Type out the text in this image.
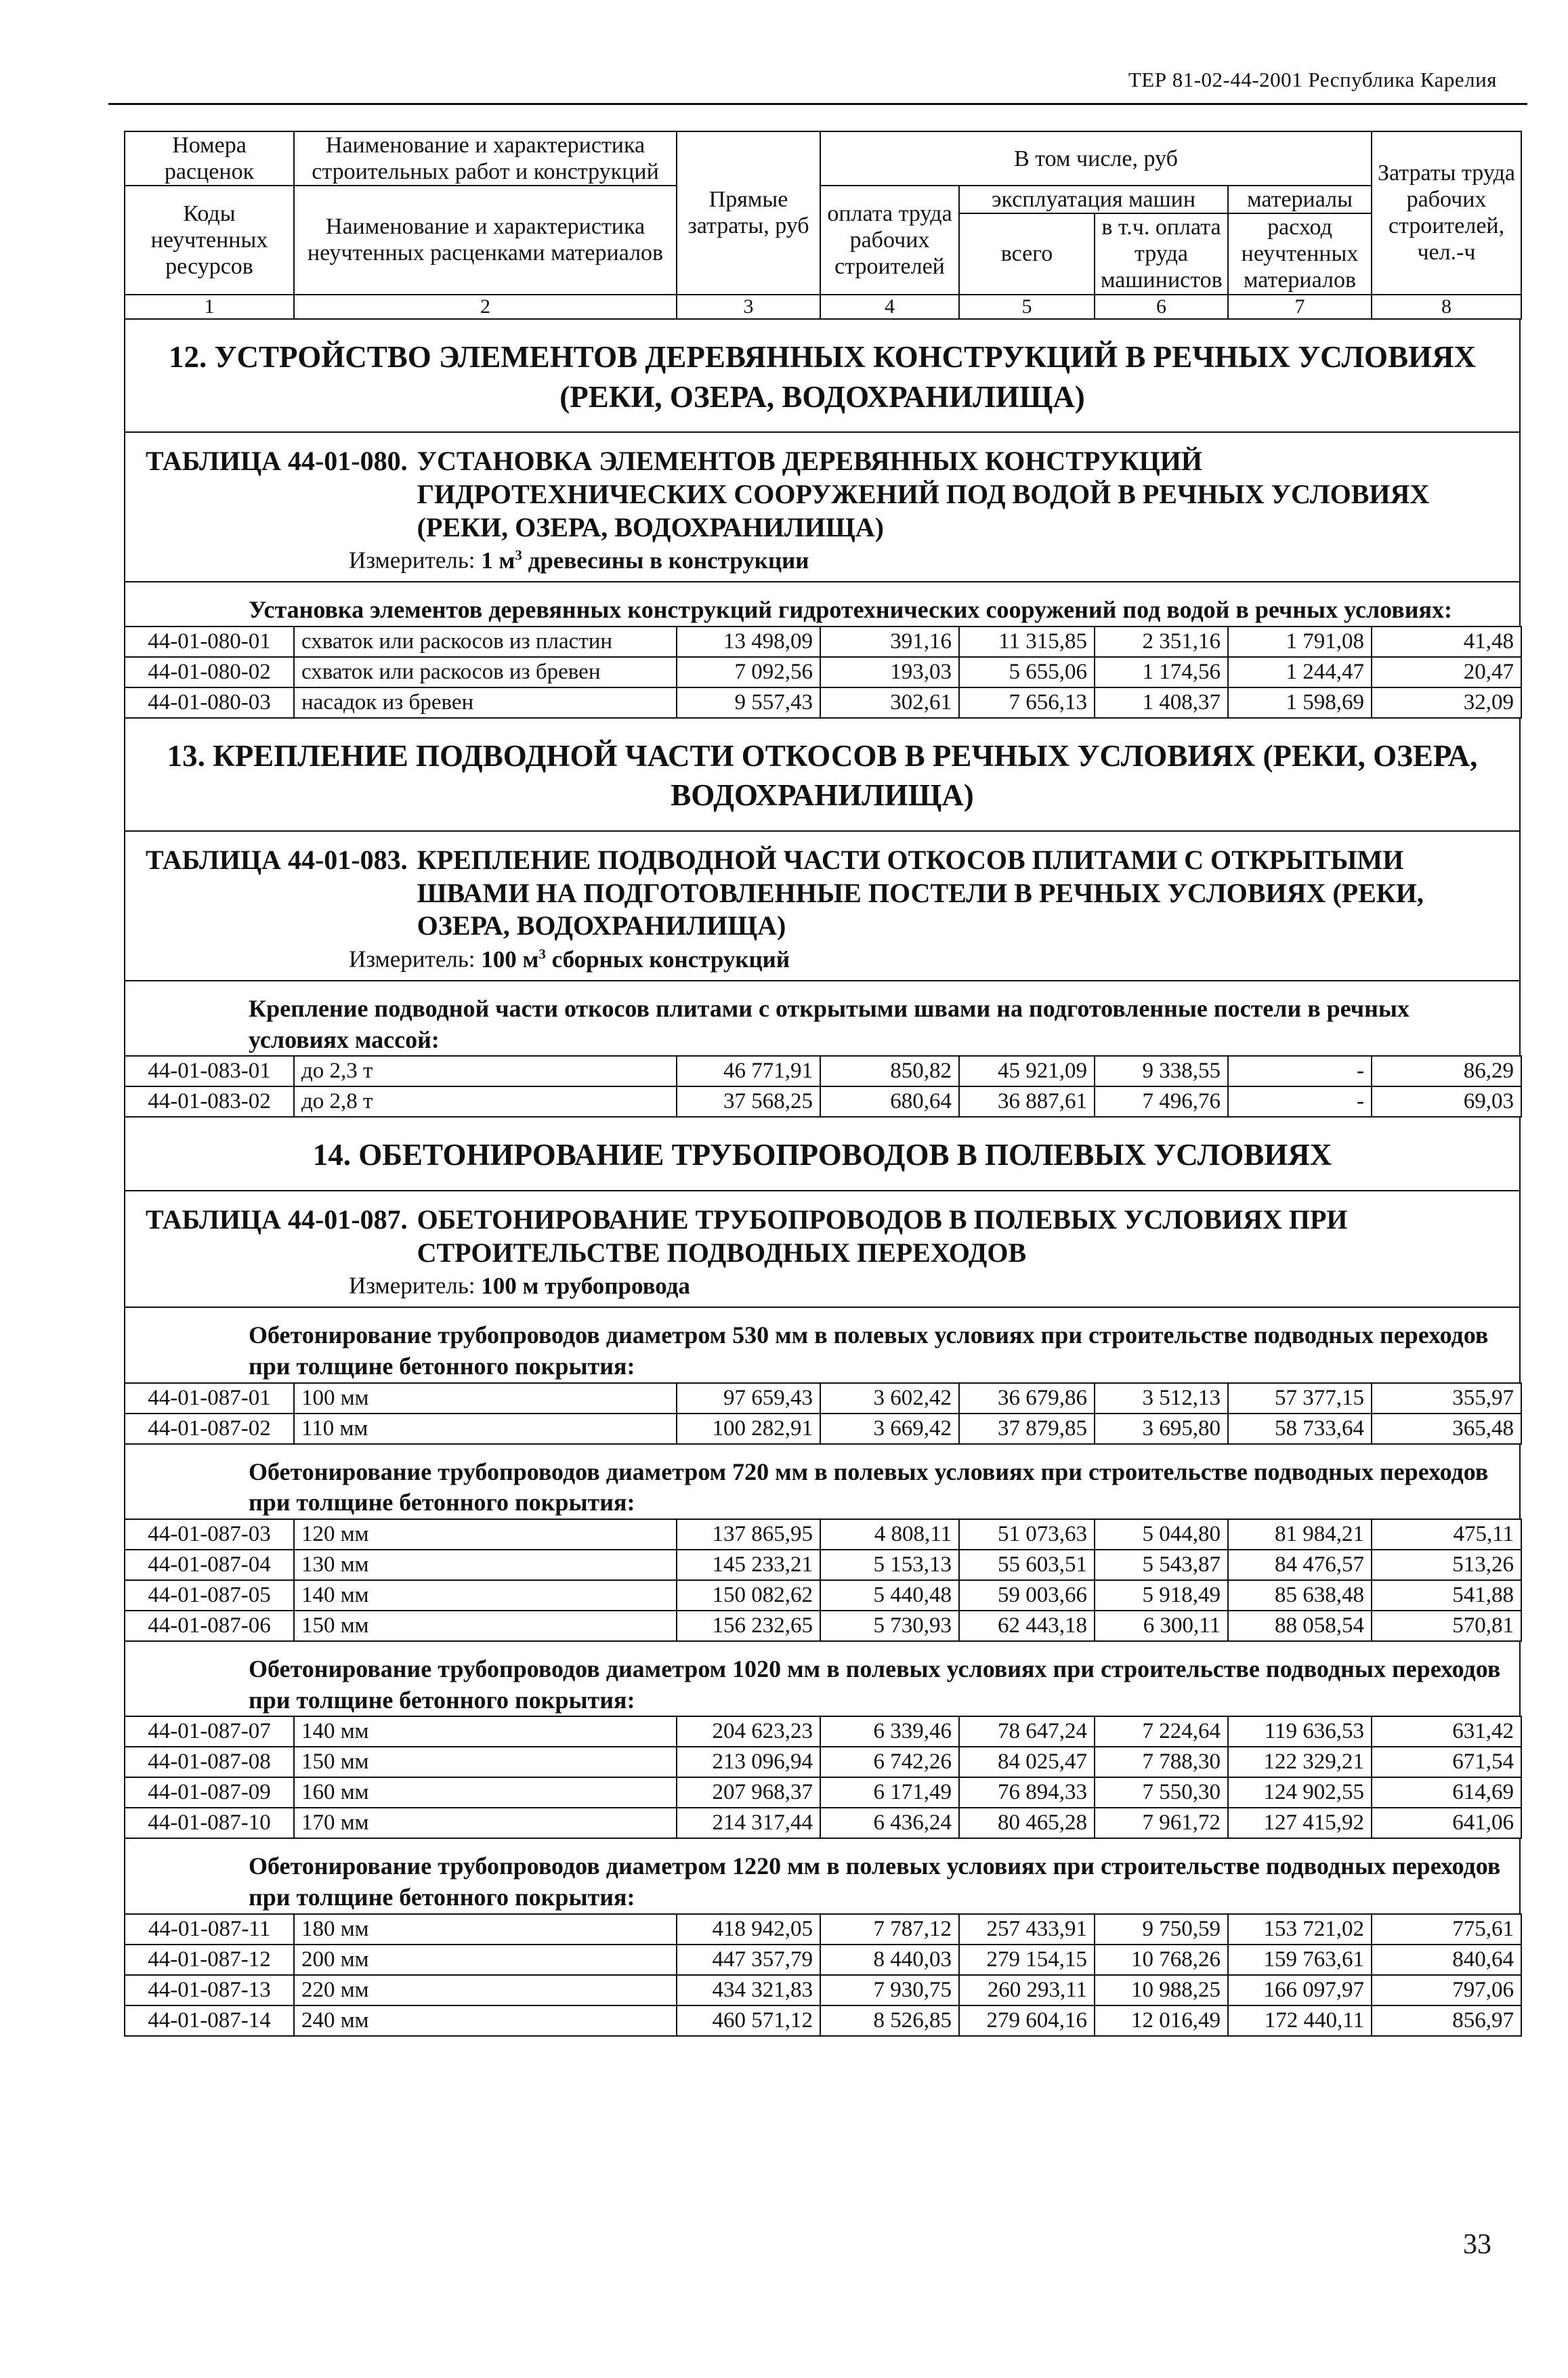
ТЕР 81-02-44-2001 Республика Карелия
Номера расценок	Наименование и характеристика строительных работ и конструкций	Прямые затраты, руб	В том числе, руб				Затраты труда рабочих строителей, чел.-ч
Коды неучтенных ресурсов	Наименование и характеристика неучтенных расценками материалов		оплата труда рабочих строителей	эксплуатация машин		материалы	
				всего	в т.ч. оплата труда машинистов	расход неучтенных материалов	
1	2	3	4	5	6	7	8
12. УСТРОЙСТВО ЭЛЕМЕНТОВ ДЕРЕВЯННЫХ КОНСТРУКЦИЙ В РЕЧНЫХ УСЛОВИЯХ (РЕКИ, ОЗЕРА, ВОДОХРАНИЛИЩА)
ТАБЛИЦА 44-01-080. УСТАНОВКА ЭЛЕМЕНТОВ ДЕРЕВЯННЫХ КОНСТРУКЦИЙ ГИДРОТЕХНИЧЕСКИХ СООРУЖЕНИЙ ПОД ВОДОЙ В РЕЧНЫХ УСЛОВИЯХ (РЕКИ, ОЗЕРА, ВОДОХРАНИЛИЩА)
Измеритель: 1 $м^3$ древесины в конструкции
Установка элементов деревянных конструкций гидротехнических сооружений под водой в речных условиях:
44-01-080-01	схваток или раскосов из пластин	13 498,09	391,16	11 315,85	2 351,16	1 791,08	41,48
44-01-080-02	схваток или раскосов из бревен	7 092,56	193,03	5 655,06	1 174,56	1 244,47	20,47
44-01-080-03	насадок из бревен	9 557,43	302,61	7 656,13	1 408,37	1 598,69	32,09
13. КРЕПЛЕНИЕ ПОДВОДНОЙ ЧАСТИ ОТКОСОВ В РЕЧНЫХ УСЛОВИЯХ (РЕКИ, ОЗЕРА, ВОДОХРАНИЛИЩА)
ТАБЛИЦА 44-01-083. КРЕПЛЕНИЕ ПОДВОДНОЙ ЧАСТИ ОТКОСОВ ПЛИТАМИ С ОТКРЫТЫМИ ШВАМИ НА ПОДГОТОВЛЕННЫЕ ПОСТЕЛИ В РЕЧНЫХ УСЛОВИЯХ (РЕКИ, ОЗЕРА, ВОДОХРАНИЛИЩА)
Измеритель: 100 $м^3$ сборных конструкций
Крепление подводной части откосов плитами с открытыми швами на подготовленные постели в речных условиях массой:
44-01-083-01	до 2,3 т	46 771,91	850,82	45 921,09	9 338,55	-	86,29
44-01-083-02	до 2,8 т	37 568,25	680,64	36 887,61	7 496,76	-	69,03
14. ОБЕТОНИРОВАНИЕ ТРУБОПРОВОДОВ В ПОЛЕВЫХ УСЛОВИЯХ
ТАБЛИЦА 44-01-087. ОБЕТОНИРОВАНИЕ ТРУБОПРОВОДОВ В ПОЛЕВЫХ УСЛОВИЯХ ПРИ СТРОИТЕЛЬСТВЕ ПОДВОДНЫХ ПЕРЕХОДОВ
Измеритель: 100 м трубопровода
Обетонирование трубопроводов диаметром 530 мм в полевых условиях при строительстве подводных переходов при толщине бетонного покрытия:
44-01-087-01	100 мм	97 659,43	3 602,42	36 679,86	3 512,13	57 377,15	355,97
44-01-087-02	110 мм	100 282,91	3 669,42	37 879,85	3 695,80	58 733,64	365,48
Обетонирование трубопроводов диаметром 720 мм в полевых условиях при строительстве подводных переходов при толщине бетонного покрытия:
44-01-087-03	120 мм	137 865,95	4 808,11	51 073,63	5 044,80	81 984,21	475,11
44-01-087-04	130 мм	145 233,21	5 153,13	55 603,51	5 543,87	84 476,57	513,26
44-01-087-05	140 мм	150 082,62	5 440,48	59 003,66	5 918,49	85 638,48	541,88
44-01-087-06	150 мм	156 232,65	5 730,93	62 443,18	6 300,11	88 058,54	570,81
Обетонирование трубопроводов диаметром 1020 мм в полевых условиях при строительстве подводных переходов при толщине бетонного покрытия:
44-01-087-07	140 мм	204 623,23	6 339,46	78 647,24	7 224,64	119 636,53	631,42
44-01-087-08	150 мм	213 096,94	6 742,26	84 025,47	7 788,30	122 329,21	671,54
44-01-087-09	160 мм	207 968,37	6 171,49	76 894,33	7 550,30	124 902,55	614,69
44-01-087-10	170 мм	214 317,44	6 436,24	80 465,28	7 961,72	127 415,92	641,06
Обетонирование трубопроводов диаметром 1220 мм в полевых условиях при строительстве подводных переходов при толщине бетонного покрытия:
44-01-087-11	180 мм	418 942,05	7 787,12	257 433,91	9 750,59	153 721,02	775,61
44-01-087-12	200 мм	447 357,79	8 440,03	279 154,15	10 768,26	159 763,61	840,64
44-01-087-13	220 мм	434 321,83	7 930,75	260 293,11	10 988,25	166 097,97	797,06
44-01-087-14	240 мм	460 571,12	8 526,85	279 604,16	12 016,49	172 440,11	856,97
33
